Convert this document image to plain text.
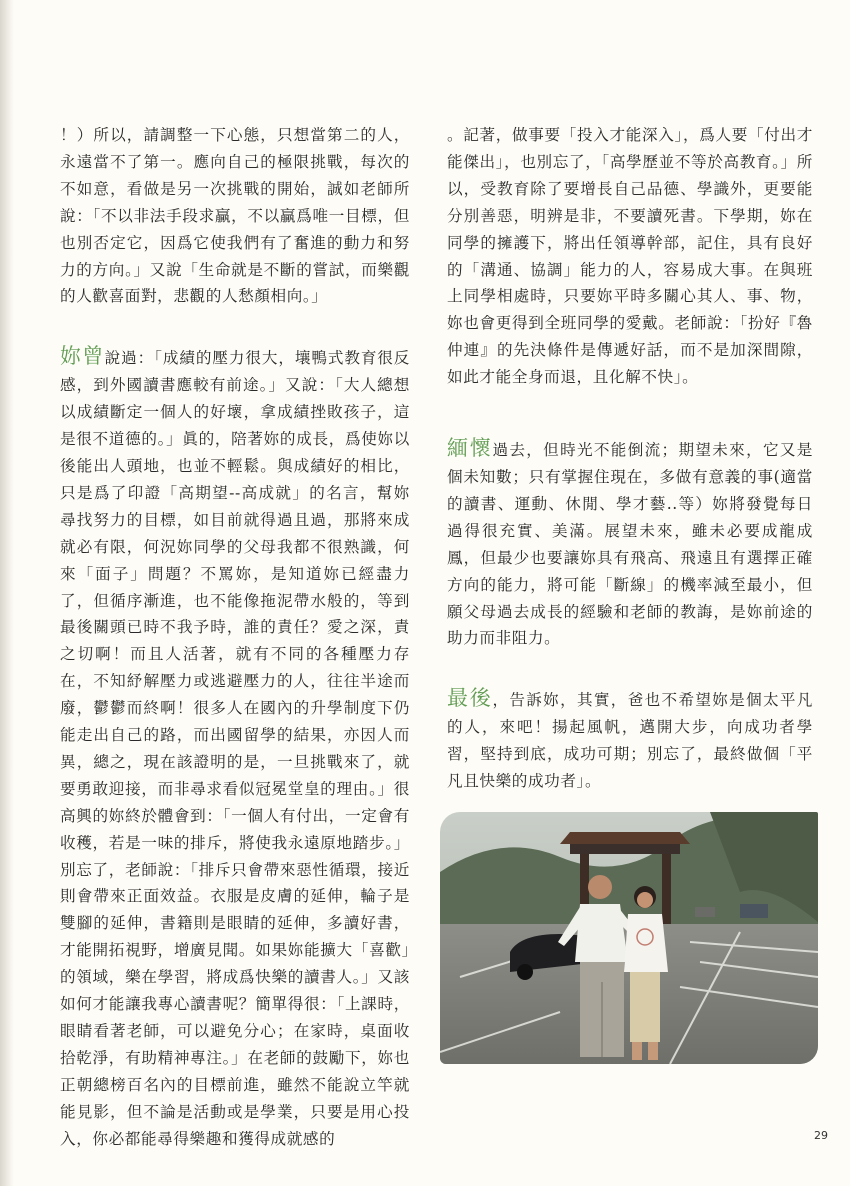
！）所以，請調整一下心態，只想當第二的人，永遠當不了第一。應向自己的極限挑戰，每次的不如意，看做是另一次挑戰的開始，誠如老師所說：「不以非法手段求贏，不以贏爲唯一目標，但也別否定它，因爲它使我們有了奮進的動力和努力的方向。」又說「生命就是不斷的嘗試，而樂觀的人歡喜面對，悲觀的人愁顏相向。」

妳曾說過：「成績的壓力很大，壤鴨式教育很反感，到外國讀書應較有前途。」又說：「大人總想以成績斷定一個人的好壞，拿成績挫敗孩子，這是很不道德的。」眞的，陪著妳的成長，爲使妳以後能出人頭地，也並不輕鬆。與成績好的相比，只是爲了印證「高期望--高成就」的名言，幫妳尋找努力的目標，如目前就得過且過，那將來成就必有限，何況妳同學的父母我都不很熟識，何來「面子」問題？不罵妳，是知道妳已經盡力了，但循序漸進，也不能像拖泥帶水般的，等到最後關頭已時不我予時，誰的責任？愛之深，責之切啊！而且人活著，就有不同的各種壓力存在，不知紓解壓力或逃避壓力的人，往往半途而廢，鬱鬱而終啊！很多人在國內的升學制度下仍能走出自己的路，而出國留學的結果，亦因人而異，總之，現在該證明的是，一旦挑戰來了，就要勇敢迎接，而非尋求看似冠冕堂皇的理由。」很高興的妳終於體會到：「一個人有付出，一定會有收穫，若是一味的排斥，將使我永遠原地踏步。」別忘了，老師說：「排斥只會帶來惡性循環，接近則會帶來正面效益。衣服是皮膚的延伸，輪子是雙腳的延伸，書籍則是眼睛的延伸，多讀好書，才能開拓視野，增廣見聞。如果妳能擴大「喜歡」的領域，樂在學習，將成爲快樂的讀書人。」又該如何才能讓我專心讀書呢？簡單得很：「上課時，眼睛看著老師，可以避免分心；在家時，桌面收拾乾淨，有助精神專注。」在老師的鼓勵下，妳也正朝總榜百名內的目標前進，雖然不能說立竿就能見影，但不論是活動或是學業，只要是用心投入，你必都能尋得樂趣和獲得成就感的

。記著，做事要「投入才能深入」，爲人要「付出才能傑出」，也別忘了，「高學歷並不等於高教育。」所以，受教育除了要增長自己品德、學識外，更要能分別善惡，明辨是非，不要讀死書。下學期，妳在同學的擁護下，將出任領導幹部，記住，具有良好的「溝通、協調」能力的人，容易成大事。在與班上同學相處時，只要妳平時多關心其人、事、物，妳也會更得到全班同學的愛戴。老師說：「扮好『魯仲連』的先決條件是傳遞好話，而不是加深間隙，如此才能全身而退，且化解不快」。

緬懷過去，但時光不能倒流；期望未來，它又是個未知數；只有掌握住現在，多做有意義的事(適當的讀書、運動、休閒、學才藝..等）妳將發覺每日過得很充實、美滿。展望未來，雖未必要成龍成鳳，但最少也要讓妳具有飛高、飛遠且有選擇正確方向的能力，將可能「斷線」的機率減至最小，但願父母過去成長的經驗和老師的教誨，是妳前途的助力而非阻力。

最後，告訴妳，其實，爸也不希望妳是個太平凡的人，來吧！揚起風帆，邁開大步，向成功者學習，堅持到底，成功可期；別忘了，最終做個「平凡且快樂的成功者」。

29
